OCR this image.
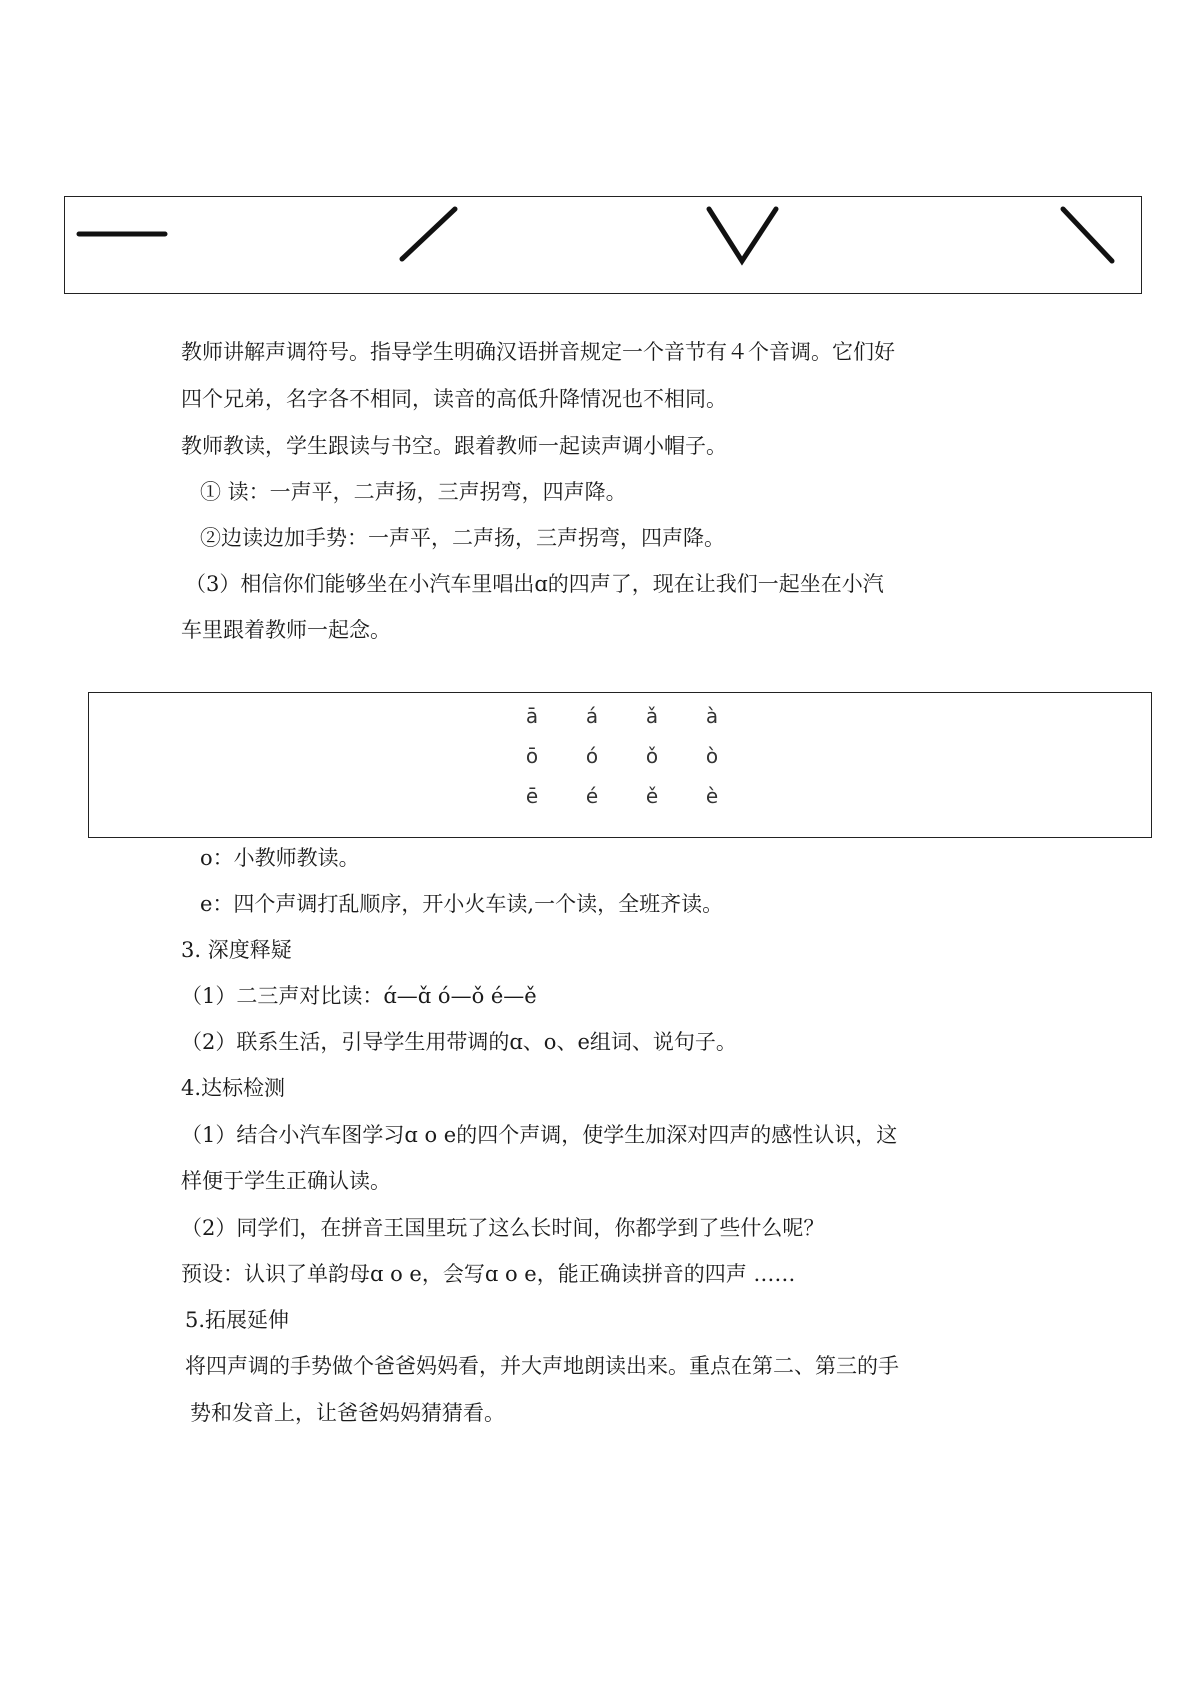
教师讲解声调符号。指导学生明确汉语拼音规定一个音节有４个音调。它们好
四个兄弟，名字各不相同，读音的高低升降情况也不相同。
教师教读，学生跟读与书空。跟着教师一起读声调小帽子。
① 读：一声平，二声扬，三声拐弯，四声降。
②边读边加手势：一声平，二声扬，三声拐弯，四声降。
（3）相信你们能够坐在小汽车里唱出ɑ的四声了，现在让我们一起坐在小汽
车里跟着教师一起念。
ā	á	ǎ	à
ō	ó	ǒ	ò
ē	é	ě	è
o：小教师教读。
e：四个声调打乱顺序，开小火车读,一个读，全班齐读。
3. 深度释疑
（1）二三声对比读：ɑ́—ɑ̌ ó—ǒ é—ě
（2）联系生活，引导学生用带调的ɑ、o、e组词、说句子。
4.达标检测
（1）结合小汽车图学习ɑ o e的四个声调，使学生加深对四声的感性认识，这
样便于学生正确认读。
（2）同学们，在拼音王国里玩了这么长时间，你都学到了些什么呢？
预设：认识了单韵母ɑ o e，会写ɑ o e，能正确读拼音的四声 ……
5.拓展延伸
将四声调的手势做个爸爸妈妈看，并大声地朗读出来。重点在第二、第三的手
势和发音上，让爸爸妈妈猜猜看。
